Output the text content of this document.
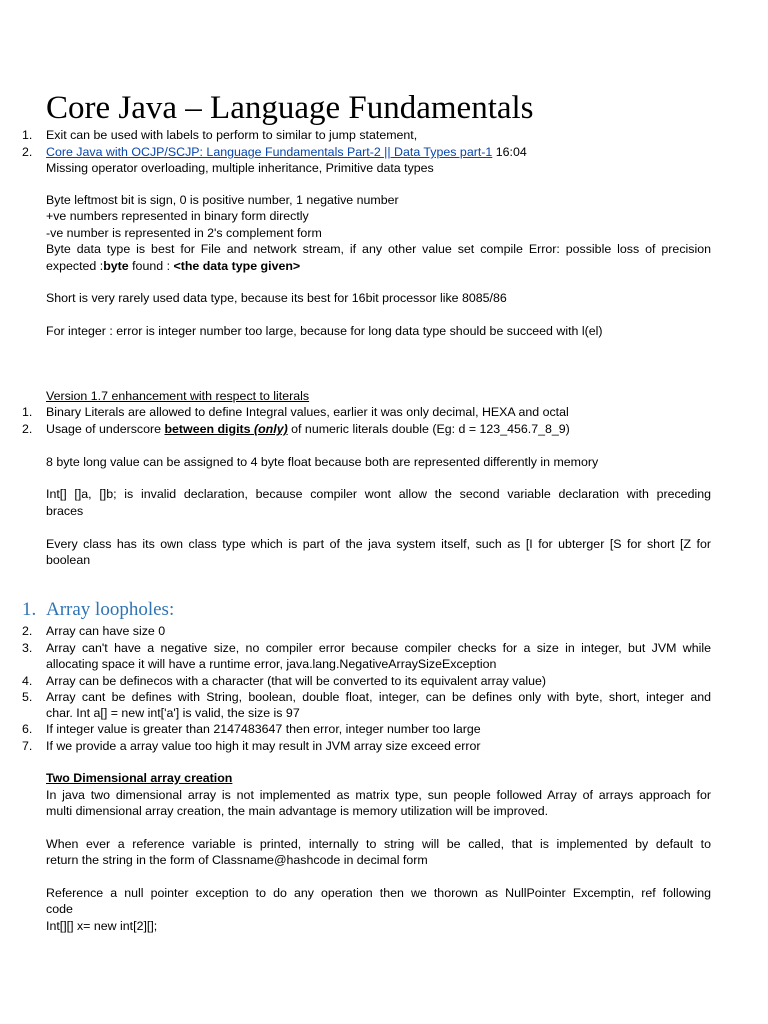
Core Java – Language Fundamentals
1. Exit can be used with labels to perform to similar to jump statement,
2. Core Java with OCJP/SCJP: Language Fundamentals Part-2 || Data Types part-1 16:04
Missing operator overloading, multiple inheritance, Primitive data types
Byte leftmost bit is sign, 0 is positive number, 1 negative number
+ve numbers represented in binary form directly
-ve number is represented in 2's complement form
Byte data type is best for File and network stream, if any other value set compile Error: possible loss of precision
expected :byte found : <the data type given>
Short is very rarely used data type, because its best for 16bit processor like 8085/86
For integer : error is integer number too large, because for long data type should be succeed with l(el)
Version 1.7 enhancement with respect to literals
1. Binary Literals are allowed to define Integral values, earlier it was only decimal, HEXA and octal
2. Usage of underscore between digits (only) of numeric literals double (Eg: d = 123_456.7_8_9)
8 byte long value can be assigned to 4 byte float because both are represented differently in memory
Int[] []a, []b; is invalid declaration, because compiler wont allow the second variable declaration with preceding
braces
Every class has its own class type which is part of the java system itself, such as [I for ubterger [S for short [Z for
boolean
1. Array loopholes:
2. Array can have size 0
3. Array can't have a negative size, no compiler error because compiler checks for a size in integer, but JVM while
allocating space it will have a runtime error, java.lang.NegativeArraySizeException
4. Array can be definecos with a character (that will be converted to its equivalent array value)
5. Array cant be defines with String, boolean, double float, integer, can be defines only with byte, short, integer and
char. Int a[] = new int['a'] is valid, the size is 97
6. If integer value is greater than 2147483647 then error, integer number too large
7. If we provide a array value too high it may result in JVM array size exceed error
Two Dimensional array creation
In java two dimensional array is not implemented as matrix type, sun people followed Array of arrays approach for
multi dimensional array creation, the main advantage is memory utilization will be improved.
When ever a reference variable is printed, internally to string will be called, that is implemented by default to
return the string in the form of Classname@hashcode in decimal form
Reference a null pointer exception to do any operation then we thorown as NullPointer Excemptin, ref following
code
Int[][] x= new int[2][];
